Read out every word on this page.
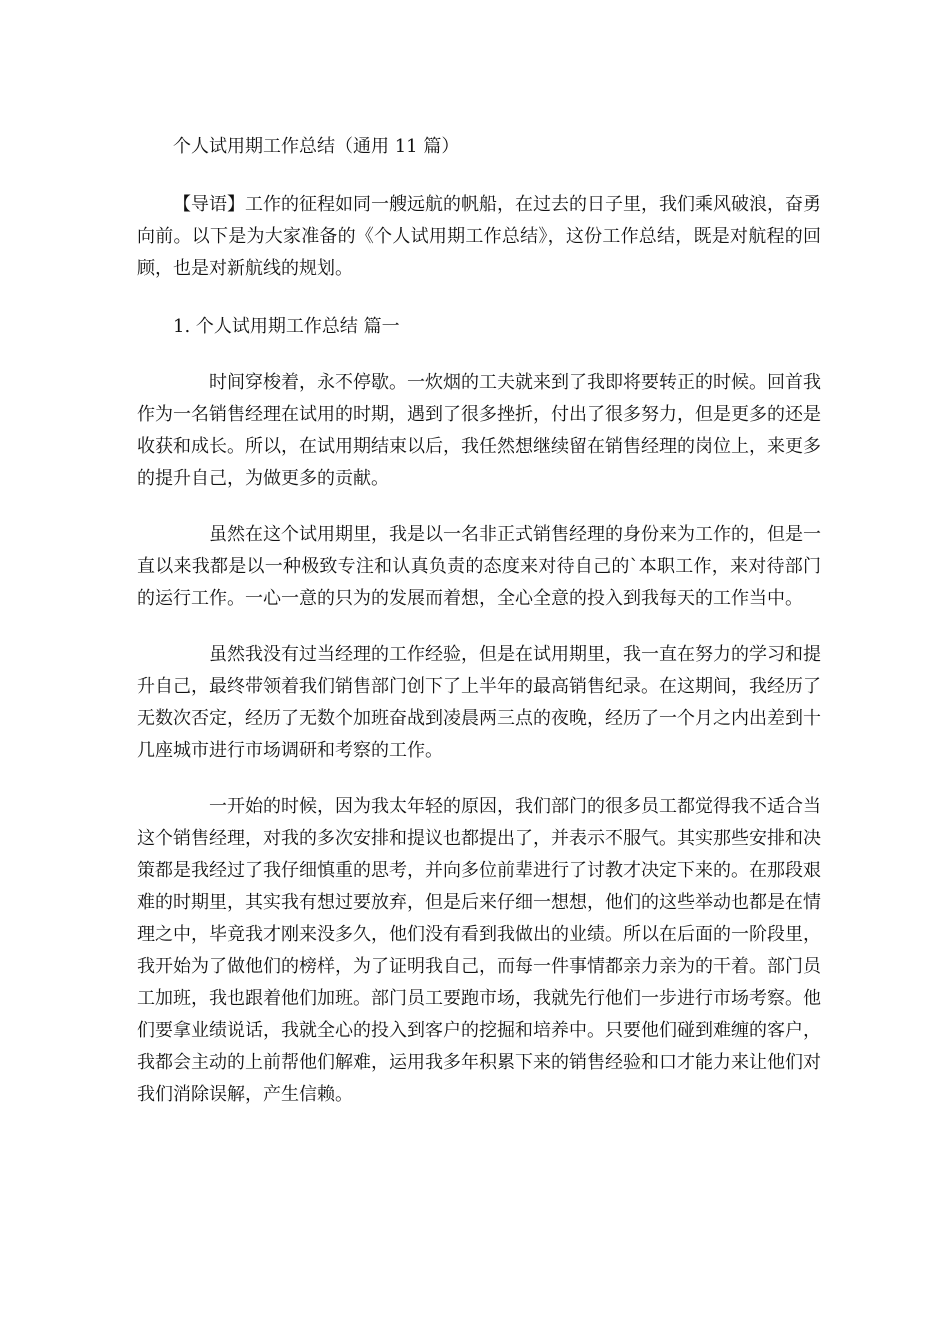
个人试用期工作总结（通用 11 篇）

【导语】工作的征程如同一艘远航的帆船，在过去的日子里，我们乘风破浪，奋勇向前。以下是为大家准备的《个人试用期工作总结》，这份工作总结，既是对航程的回顾，也是对新航线的规划。

1. 个人试用期工作总结 篇一

时间穿梭着，永不停歇。一炊烟的工夫就来到了我即将要转正的时候。回首我作为一名销售经理在试用的时期，遇到了很多挫折，付出了很多努力，但是更多的还是收获和成长。所以，在试用期结束以后，我任然想继续留在销售经理的岗位上，来更多的提升自己，为做更多的贡献。

虽然在这个试用期里，我是以一名非正式销售经理的身份来为工作的，但是一直以来我都是以一种极致专注和认真负责的态度来对待自己的`本职工作，来对待部门的运行工作。一心一意的只为的发展而着想，全心全意的投入到我每天的工作当中。

虽然我没有过当经理的工作经验，但是在试用期里，我一直在努力的学习和提升自己，最终带领着我们销售部门创下了上半年的最高销售纪录。在这期间，我经历了无数次否定，经历了无数个加班奋战到凌晨两三点的夜晚，经历了一个月之内出差到十几座城市进行市场调研和考察的工作。

一开始的时候，因为我太年轻的原因，我们部门的很多员工都觉得我不适合当这个销售经理，对我的多次安排和提议也都提出了，并表示不服气。其实那些安排和决策都是我经过了我仔细慎重的思考，并向多位前辈进行了讨教才决定下来的。在那段艰难的时期里，其实我有想过要放弃，但是后来仔细一想想，他们的这些举动也都是在情理之中，毕竟我才刚来没多久，他们没有看到我做出的业绩。所以在后面的一阶段里，我开始为了做他们的榜样，为了证明我自己，而每一件事情都亲力亲为的干着。部门员工加班，我也跟着他们加班。部门员工要跑市场，我就先行他们一步进行市场考察。他们要拿业绩说话，我就全心的投入到客户的挖掘和培养中。只要他们碰到难缠的客户，我都会主动的上前帮他们解难，运用我多年积累下来的销售经验和口才能力来让他们对我们消除误解，产生信赖。
